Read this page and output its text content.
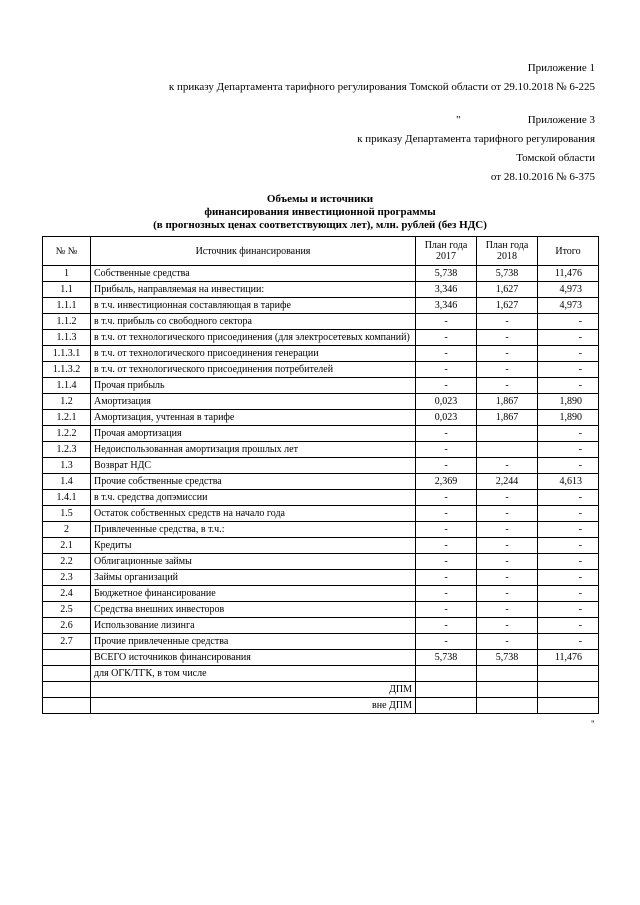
Приложение 1
к приказу Департамента тарифного регулирования Томской области от 29.10.2018 № 6-225
"	Приложение 3
к приказу Департамента тарифного регулирования
Томской области
от 28.10.2016 № 6-375
Объемы и источники
финансирования инвестиционной программы
(в прогнозных ценах соответствующих лет), млн. рублей (без НДС)
№ №	Источник финансирования	План года 2017	План года 2018	Итого
1	Собственные средства	5,738	5,738	11,476
1.1	Прибыль, направляемая на инвестиции:	3,346	1,627	4,973
1.1.1	в т.ч. инвестиционная составляющая в тарифе	3,346	1,627	4,973
1.1.2	в т.ч. прибыль со свободного сектора	-	-	-
1.1.3	в т.ч. от технологического присоединения (для электросетевых компаний)	-	-	-
1.1.3.1	в т.ч. от технологического присоединения генерации	-	-	-
1.1.3.2	в т.ч. от технологического присоединения потребителей	-	-	-
1.1.4	Прочая прибыль	-	-	-
1.2	Амортизация	0,023	1,867	1,890
1.2.1	Амортизация, учтенная в тарифе	0,023	1,867	1,890
1.2.2	Прочая амортизация	-		-
1.2.3	Недоиспользованная амортизация прошлых лет	-		-
1.3	Возврат НДС	-	-	-
1.4	Прочие собственные средства	2,369	2,244	4,613
1.4.1	в т.ч. средства допэмиссии	-	-	-
1.5	Остаток собственных средств на начало года	-	-	-
2	Привлеченные средства, в т.ч.:	-	-	-
2.1	Кредиты	-	-	-
2.2	Облигационные займы	-	-	-
2.3	Займы организаций	-	-	-
2.4	Бюджетное финансирование	-	-	-
2.5	Средства внешних инвесторов	-	-	-
2.6	Использование лизинга	-	-	-
2.7	Прочие привлеченные средства	-	-	-
	ВСЕГО источников финансирования	5,738	5,738	11,476
	для ОГК/ТГК, в том числе			
	ДПМ			
	вне ДПМ			
"
